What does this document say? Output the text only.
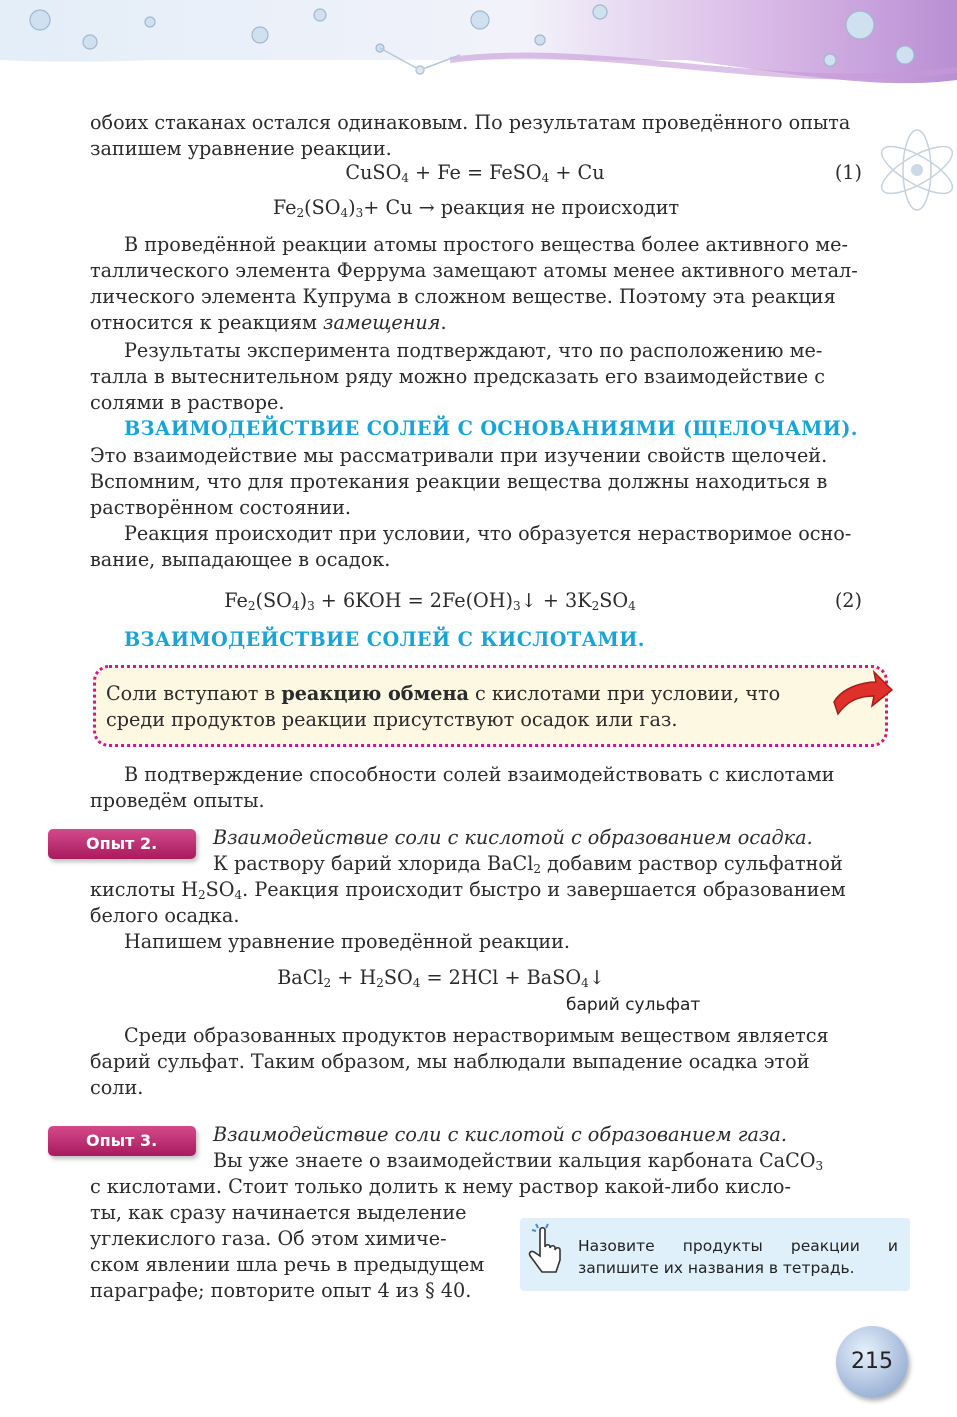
обоих стаканах остался одинаковым. По результатам проведённого опыта

запишем уравнение реакции.

CuSO$_4$ + Fe = FeSO$_4$ + Cu	(1)
$Fe_2(SO_4)_3+ Cu$ → реакция не происходит

В проведённой реакции атомы простого вещества более активного ме-

таллического элемента Феррума замещают атомы менее активного метал-

лического элемента Купрума в сложном веществе. Поэтому эта реакция

относится к реакциям замещения.

Результаты эксперимента подтверждают, что по расположению ме-

талла в вытеснительном ряду можно предсказать его взаимодействие с

солями в растворе.

ВЗАИМОДЕЙСТВИЕ СОЛЕЙ С ОСНОВАНИЯМИ (ЩЕЛОЧАМИ).

Это взаимодействие мы рассматривали при изучении свойств щелочей.

Вспомним, что для протекания реакции вещества должны находиться в

растворённом состоянии.

Реакция происходит при условии, что образуется нерастворимое осно-

вание, выпадающее в осадок.

$Fe_2(SO_4)_3 + 6KOH$ = $2Fe(OH)_3↓ + 3K_2SO_4$	(2)
ВЗАИМОДЕЙСТВИЕ СОЛЕЙ С КИСЛОТАМИ.
Соли вступают в реакцию обмена с кислотами при условии, что
среди продуктов реакции присутствуют осадок или газ.

В подтверждение способности солей взаимодействовать с кислотами

проведём опыты.

Опыт 2.	Взаимодействие соли с кислотой с образованием осадка.

К раствору барий хлорида BaCl$_2$ добавим раствор сульфатной

кислоты $H_2SO_4$. Реакция происходит быстро и завершается образованием

белого осадка.

Напишем уравнение проведённой реакции.

BaCl$_2$ + $H_2SO_4 = 2HCl$ + BaSO$_4$↓
барий сульфат

Среди образованных продуктов нерастворимым веществом является

барий сульфат. Таким образом, мы наблюдали выпадение осадка этой

соли.

Опыт 3.	Взаимодействие соли с кислотой с образованием газа.

Вы уже знаете о взаимодействии кальция карбоната CaCO$_3$

с кислотами. Стоит только долить к нему раствор какой-либо кисло-

ты, как сразу начинается выделение

углекислого газа. Об этом химиче-

ском явлении шла речь в предыдущем

параграфе; повторите опыт 4 из § 40.

Назовите продукты реакции и запишите их названия в тетрадь.
215
